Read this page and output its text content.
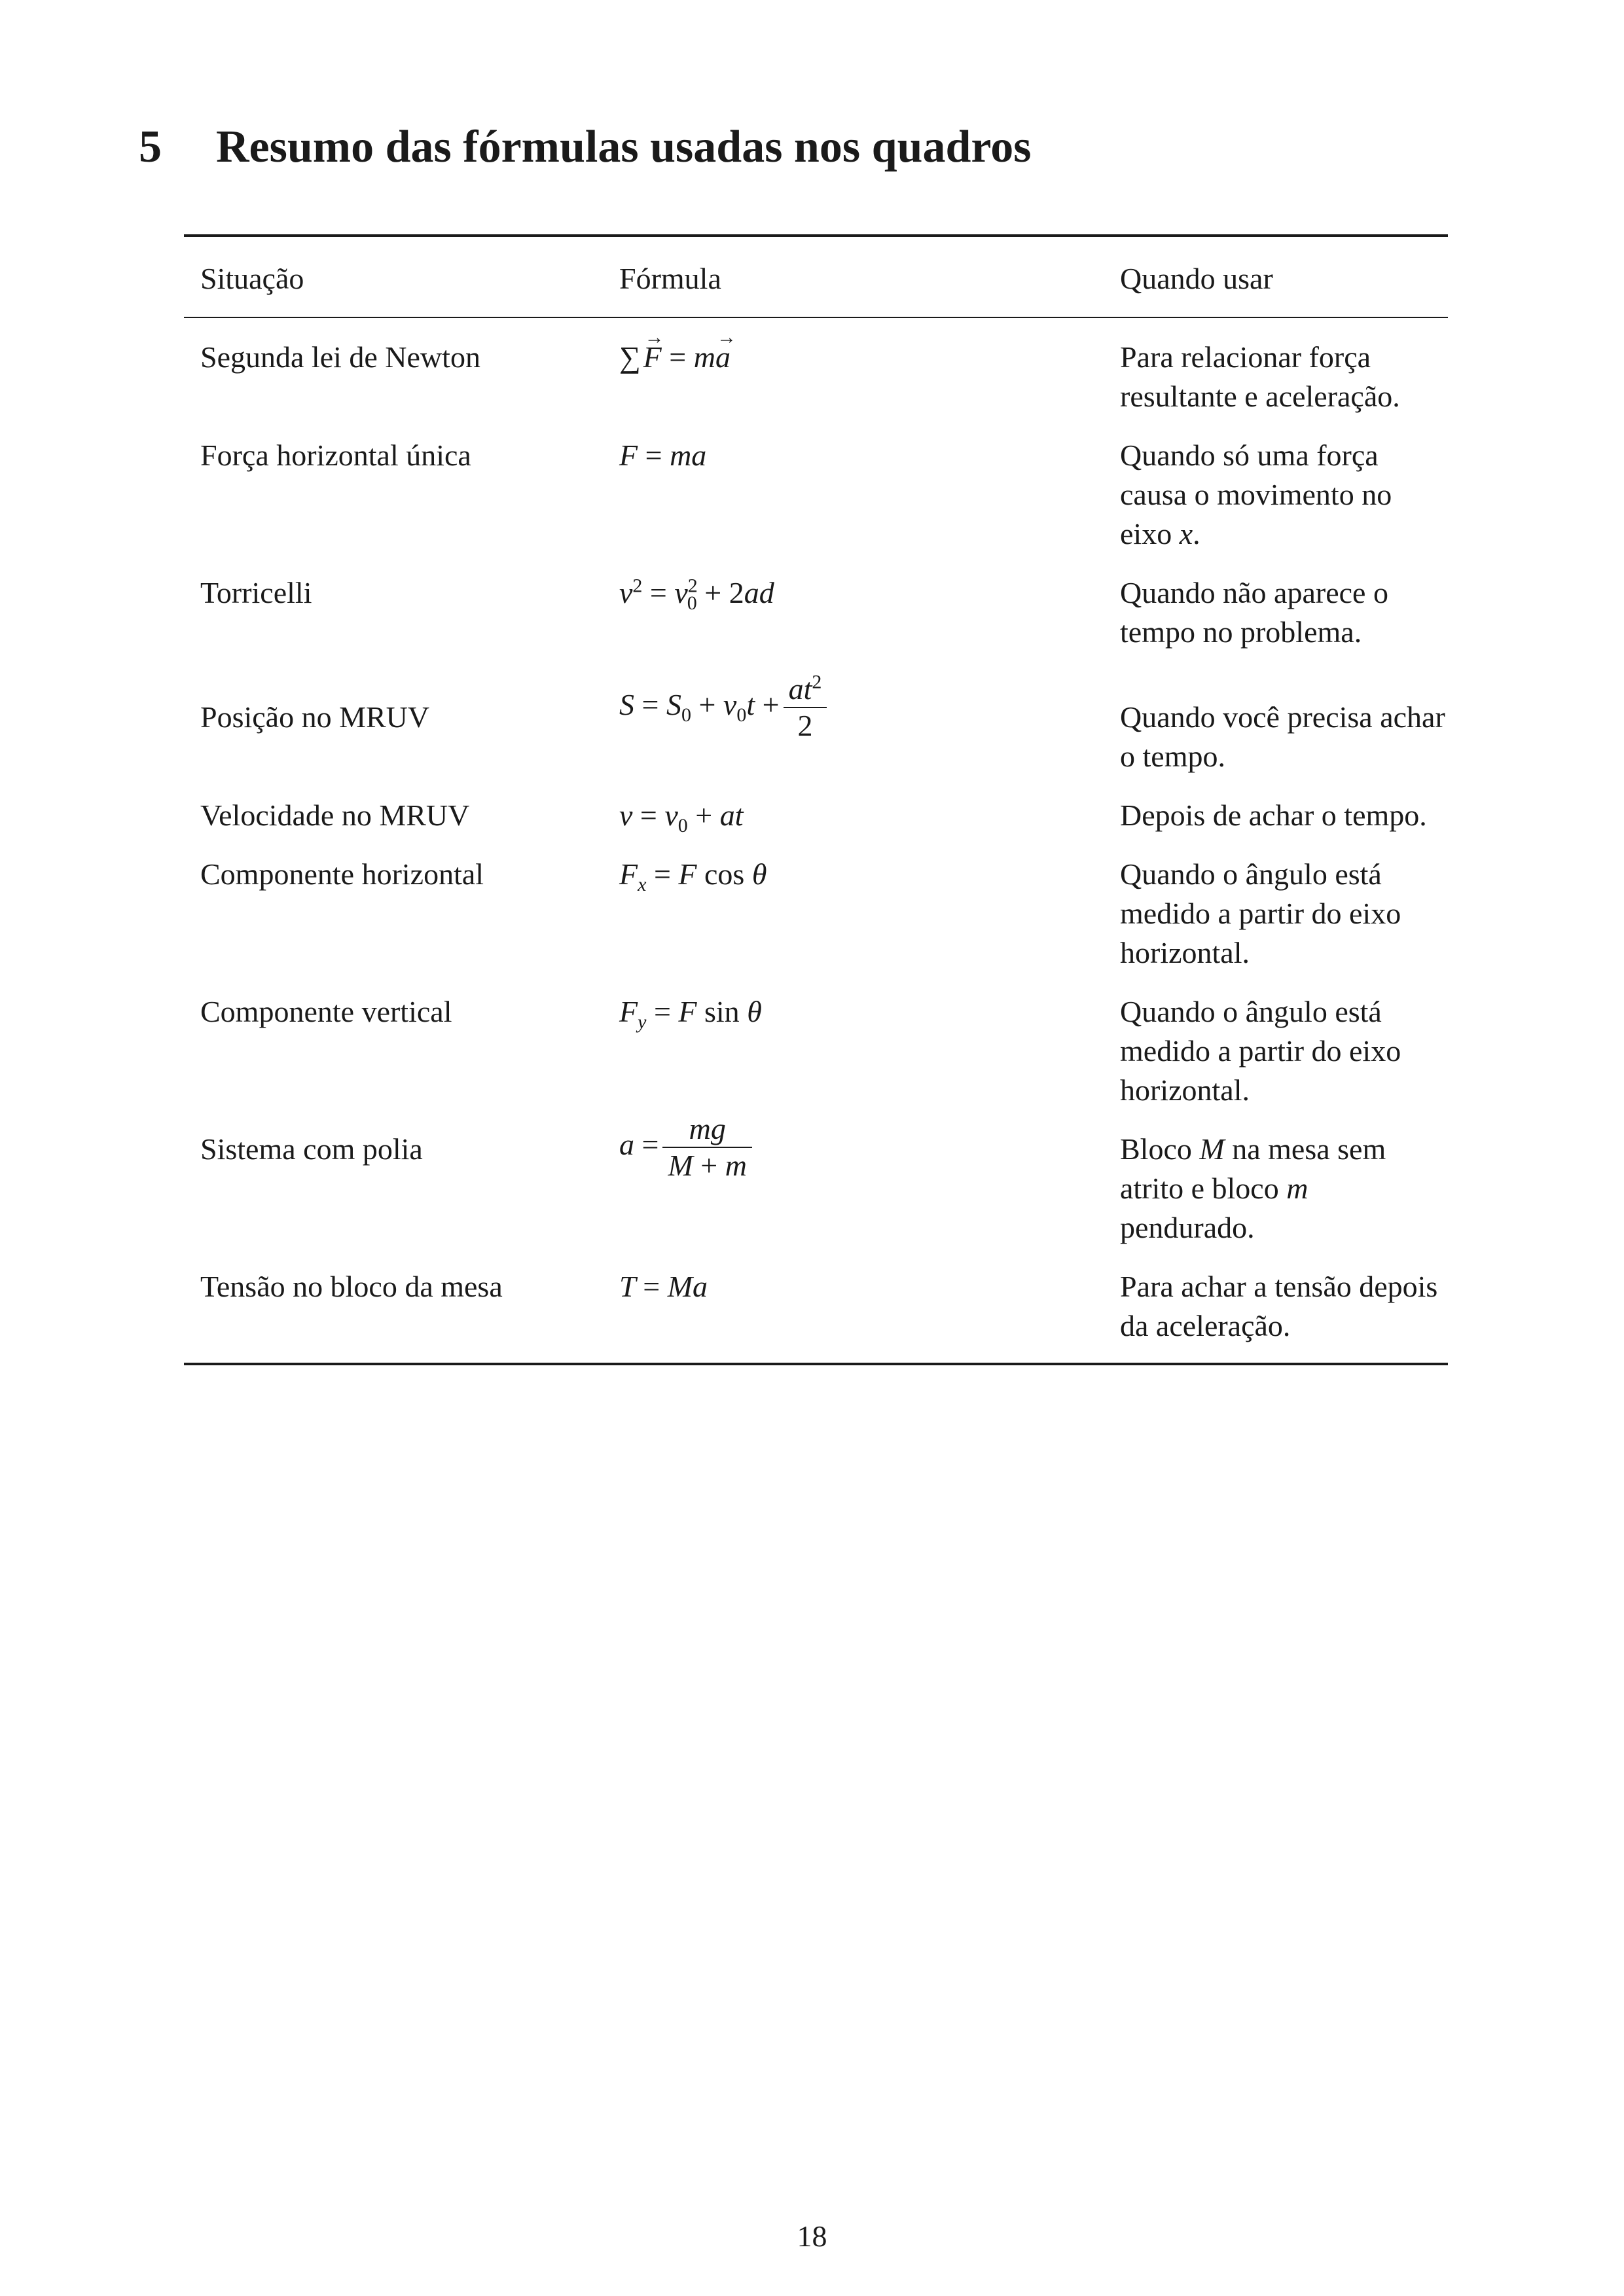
5 Resumo das fórmulas usadas nos quadros
Situação	Fórmula	Quando usar

Segunda lei de Newton	∑ → F = m→ a	Para relacionar força resultante e aceleração.
Força horizontal única	F = ma	Quando só uma força causa o movimento no eixo x.
Torricelli	$v^2 = v^2_0 + 2ad$	Quando não aparece o tempo no problema.
Posição no MRUV	$S = S_0 + v_0t + \frac{at^2}{2}$	Quando você precisa achar o tempo.
Velocidade no MRUV	$v = v_0$ + at	Depois de achar o tempo.
Componente horizontal	$F_x = F$ cos θ	Quando o ângulo está medido a partir do eixo horizontal.
Componente vertical	$F_y = F$ sin θ	Quando o ângulo está medido a partir do eixo horizontal.
Sistema com polia	$a = \frac{mg}{M + m}$	Bloco M na mesa sem atrito e bloco m pendurado.
Tensão no bloco da mesa	T = Ma	Para achar a tensão depois da aceleração.
18
